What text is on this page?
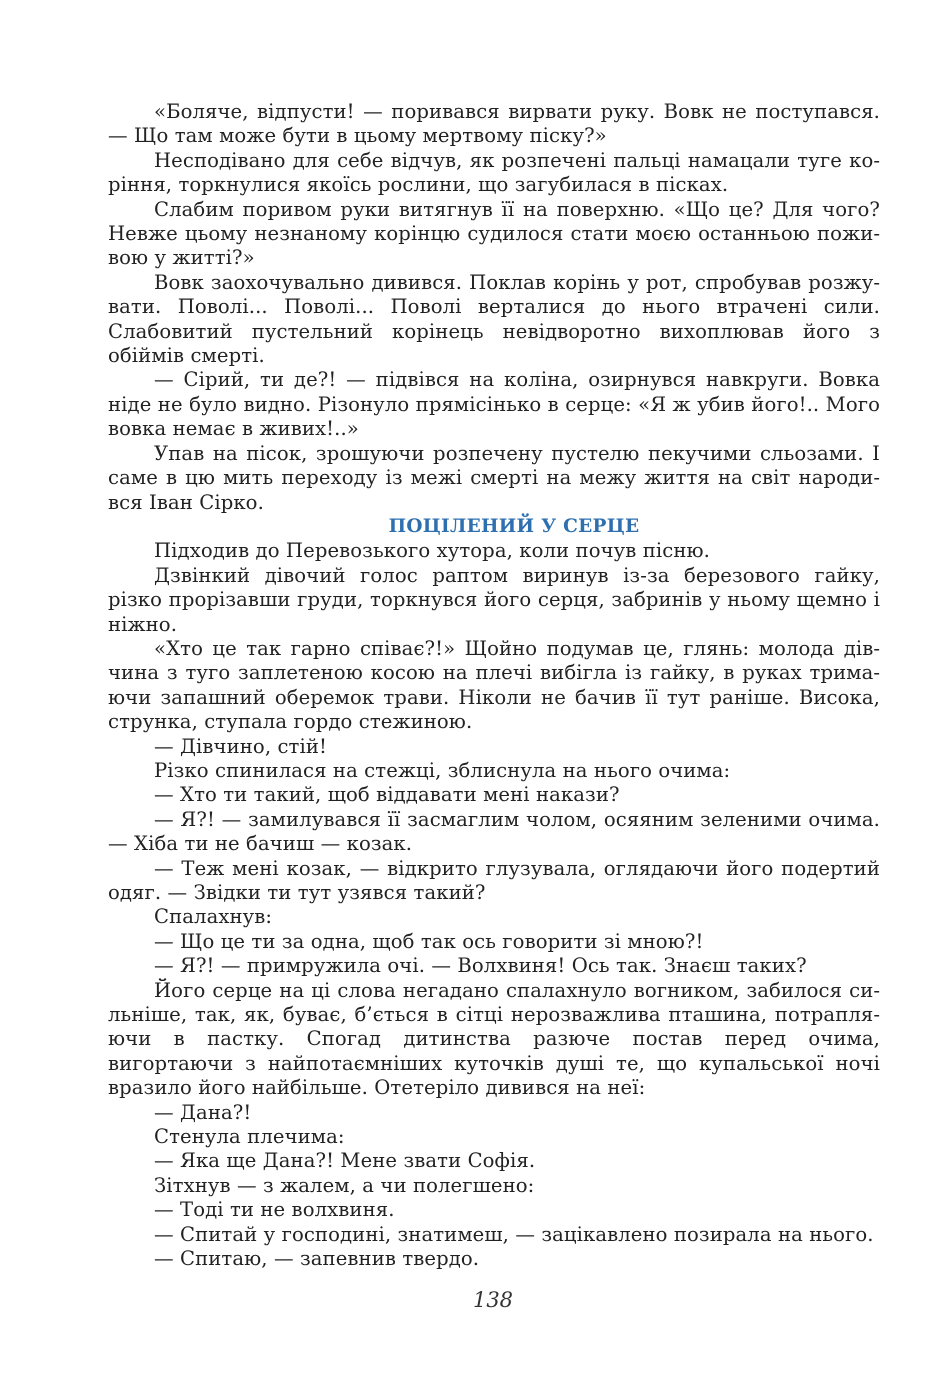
«Боляче, відпусти! — поривався вирвати руку. Вовк не поступався. — Що там може бути в цьому мертвому піску?»

Несподівано для себе відчув, як розпечені пальці намацали туге коріння, торкнулися якоїсь рослини, що загубилася в пісках.

Слабим поривом руки витягнув її на поверхню. «Що це? Для чого? Невже цьому незнаному корінцю судилося стати моєю останньою поживою у житті?»

Вовк заохочувально дивився. Поклав корінь у рот, спробував розжувати. Поволі... Поволі... Поволі верталися до нього втрачені сили. Слабовитий пустельний корінець невідворотно вихоплював його з обіймів смерті.

— Сірий, ти де?! — підвівся на коліна, озирнувся навкруги. Вовка ніде не було видно. Різонуло прямісінько в серце: «Я ж убив його!.. Мого вовка немає в живих!..»

Упав на пісок, зрошуючи розпечену пустелю пекучими сльозами. І саме в цю мить переходу із межі смерті на межу життя на світ народився Іван Сірко.

ПОЦІЛЕНИЙ У СЕРЦЕ

Підходив до Перевозького хутора, коли почув пісню.

Дзвінкий дівочий голос раптом виринув із-за березового гайку, різко прорізавши груди, торкнувся його серця, забринів у ньому щемно і ніжно.

«Хто це так гарно співає?!» Щойно подумав це, глянь: молода дівчина з туго заплетеною косою на плечі вибігла із гайку, в руках тримаючи запашний оберемок трави. Ніколи не бачив її тут раніше. Висока, струнка, ступала гордо стежиною.

— Дівчино, стій!

Різко спинилася на стежці, зблиснула на нього очима:

— Хто ти такий, щоб віддавати мені накази?

— Я?! — замилувався її засмаглим чолом, осяяним зеленими очима. — Хіба ти не бачиш — козак.

— Теж мені козак, — відкрито глузувала, оглядаючи його подертий одяг. — Звідки ти тут узявся такий?

Спалахнув:

— Що це ти за одна, щоб так ось говорити зі мною?!

— Я?! — примружила очі. — Волхвиня! Ось так. Знаєш таких?

Його серце на ці слова негадано спалахнуло вогником, забилося сильніше, так, як, буває, б’ється в сітці нерозважлива пташина, потрапляючи в пастку. Спогад дитинства разюче постав перед очима, вигортаючи з найпотаємніших куточків душі те, що купальської ночі вразило його найбільше. Отетеріло дивився на неї:

— Дана?!

Стенула плечима:

— Яка ще Дана?! Мене звати Софія.

Зітхнув — з жалем, а чи полегшено:

— Тоді ти не волхвиня.

— Спитай у господині, знатимеш, — зацікавлено позирала на нього.

— Спитаю, — запевнив твердо.

138
